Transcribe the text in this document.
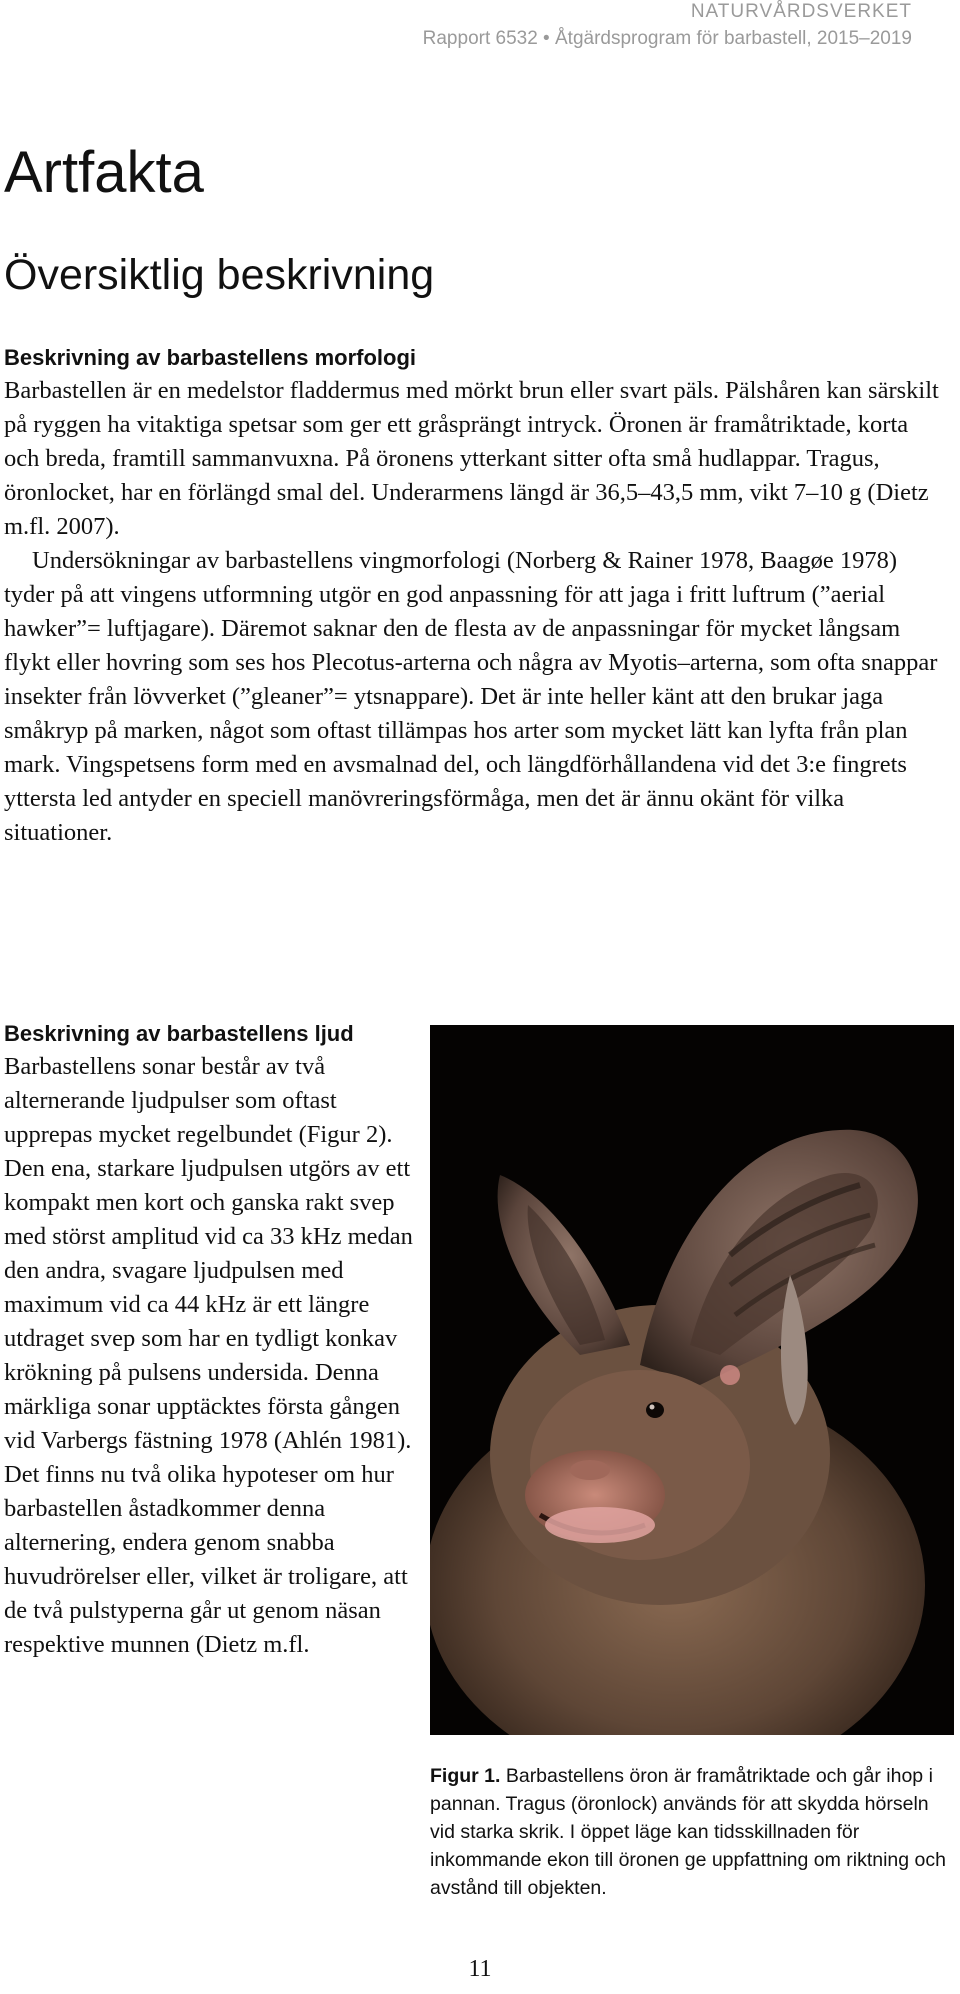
NATURVÅRDSVERKET
Rapport 6532 • Åtgärdsprogram för barbastell, 2015–2019
Artfakta
Översiktlig beskrivning
Beskrivning av barbastellens morfologi

Barbastellen är en medelstor fladdermus med mörkt brun eller svart päls. Pälshåren kan särskilt på ryggen ha vitaktiga spetsar som ger ett gråsprängt intryck. Öronen är framåtriktade, korta och breda, framtill sammanvuxna. På öronens ytterkant sitter ofta små hudlappar. Tragus, öronlocket, har en förlängd smal del. Underarmens längd är 36,5–43,5 mm, vikt 7–10 g (Dietz m.fl. 2007).

Undersökningar av barbastellens vingmorfologi (Norberg & Rainer 1978, Baagøe 1978) tyder på att vingens utformning utgör en god anpassning för att jaga i fritt luftrum (”aerial hawker”= luftjagare). Däremot saknar den de flesta av de anpassningar för mycket långsam flykt eller hovring som ses hos Plecotus-arterna och några av Myotis–arterna, som ofta snappar insekter från lövverket (”gleaner”= ytsnappare). Det är inte heller känt att den brukar jaga småkryp på marken, något som oftast tillämpas hos arter som mycket lätt kan lyfta från plan mark. Vingspetsens form med en avsmalnad del, och längdförhållandena vid det 3:e fingrets yttersta led antyder en speciell manövreringsförmåga, men det är ännu okänt för vilka situationer.

Beskrivning av barbastellens ljud

Barbastellens sonar består av två alternerande ljudpulser som oftast upprepas mycket regelbundet (Figur 2). Den ena, starkare ljudpulsen utgörs av ett kompakt men kort och ganska rakt svep med störst amplitud vid ca 33 kHz medan den andra, svagare ljudpulsen med maximum vid ca 44 kHz är ett längre utdraget svep som har en tydligt konkav krökning på pulsens undersida. Denna märkliga sonar upptäcktes första gången vid Varbergs fästning 1978 (Ahlén 1981). Det finns nu två olika hypoteser om hur barbastellen åstadkommer denna alternering, endera genom snabba huvudrörelser eller, vilket är troligare, att de två pulstyperna går ut genom näsan respektive munnen (Dietz m.fl.

Figur 1. Barbastellens öron är framåtriktade och går ihop i pannan. Tragus (öronlock) används för att skydda hörseln vid starka skrik. I öppet läge kan tidsskillnaden för inkommande ekon till öronen ge uppfattning om riktning och avstånd till objekten.
11
